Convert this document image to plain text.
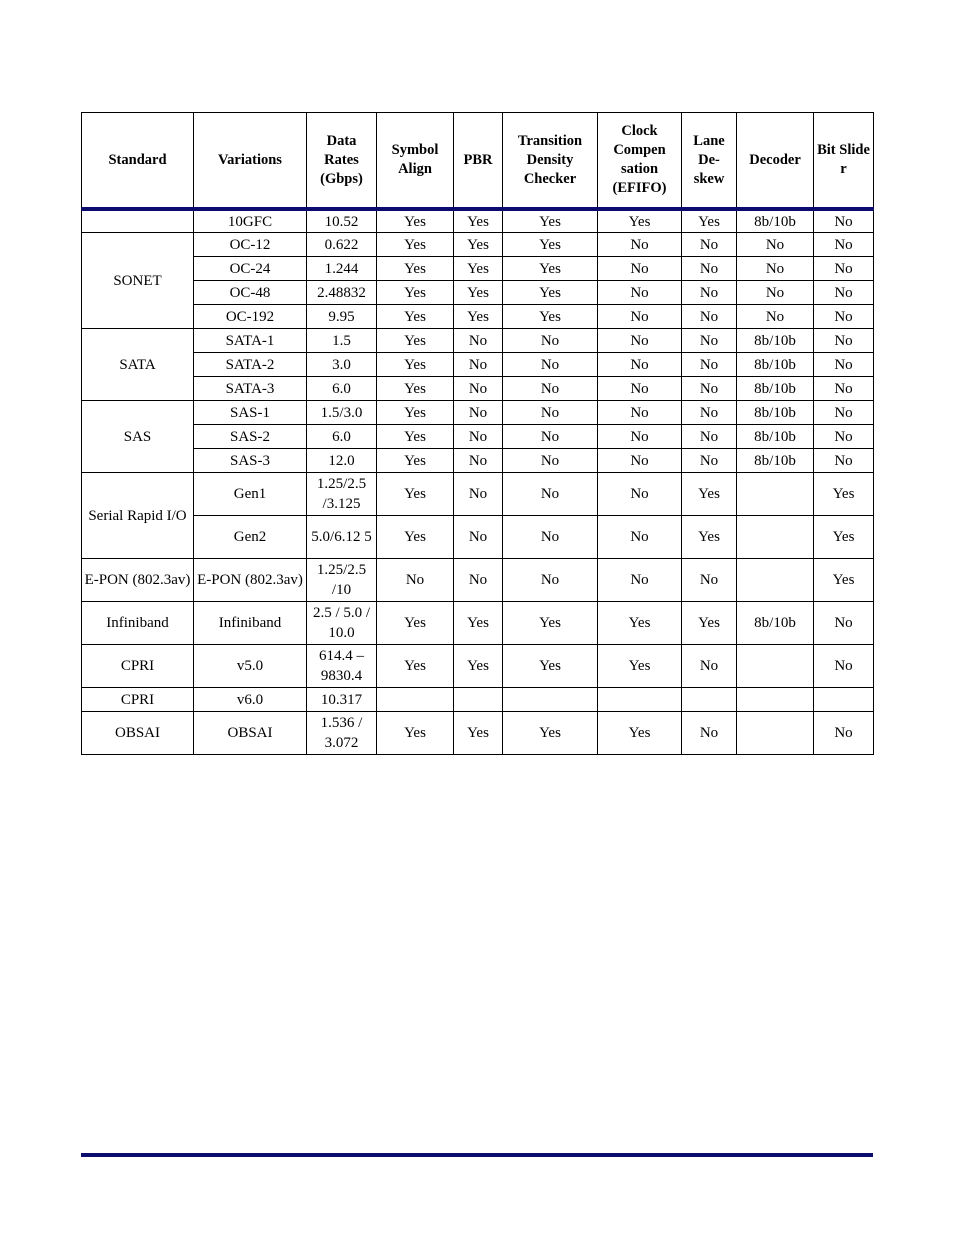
Standard	Variations	Data Rates (Gbps)	Symbol Align	PBR	Transition Density Checker	Clock Compen sation (EFIFO)	Lane De- skew	Decoder	Bit Slide r
	10GFC	10.52	Yes	Yes	Yes	Yes	Yes	8b/10b	No
SONET	OC-12	0.622	Yes	Yes	Yes	No	No	No	No
	OC-24	1.244	Yes	Yes	Yes	No	No	No	No
	OC-48	2.48832	Yes	Yes	Yes	No	No	No	No
	OC-192	9.95	Yes	Yes	Yes	No	No	No	No
SATA	SATA-1	1.5	Yes	No	No	No	No	8b/10b	No
	SATA-2	3.0	Yes	No	No	No	No	8b/10b	No
	SATA-3	6.0	Yes	No	No	No	No	8b/10b	No
SAS	SAS-1	1.5/3.0	Yes	No	No	No	No	8b/10b	No
	SAS-2	6.0	Yes	No	No	No	No	8b/10b	No
	SAS-3	12.0	Yes	No	No	No	No	8b/10b	No
Serial Rapid I/O	Gen1	1.25/2.5 /3.125	Yes	No	No	No	Yes		Yes
	Gen2	5.0/6.12 5	Yes	No	No	No	Yes		Yes
E-PON (802.3av)	E-PON (802.3av)	1.25/2.5 /10	No	No	No	No	No		Yes
Infiniband	Infiniband	2.5 / 5.0 / 10.0	Yes	Yes	Yes	Yes	Yes	8b/10b	No
CPRI	v5.0	614.4 – 9830.4	Yes	Yes	Yes	Yes	No		No
CPRI	v6.0	10.317							
OBSAI	OBSAI	1.536 / 3.072	Yes	Yes	Yes	Yes	No		No
